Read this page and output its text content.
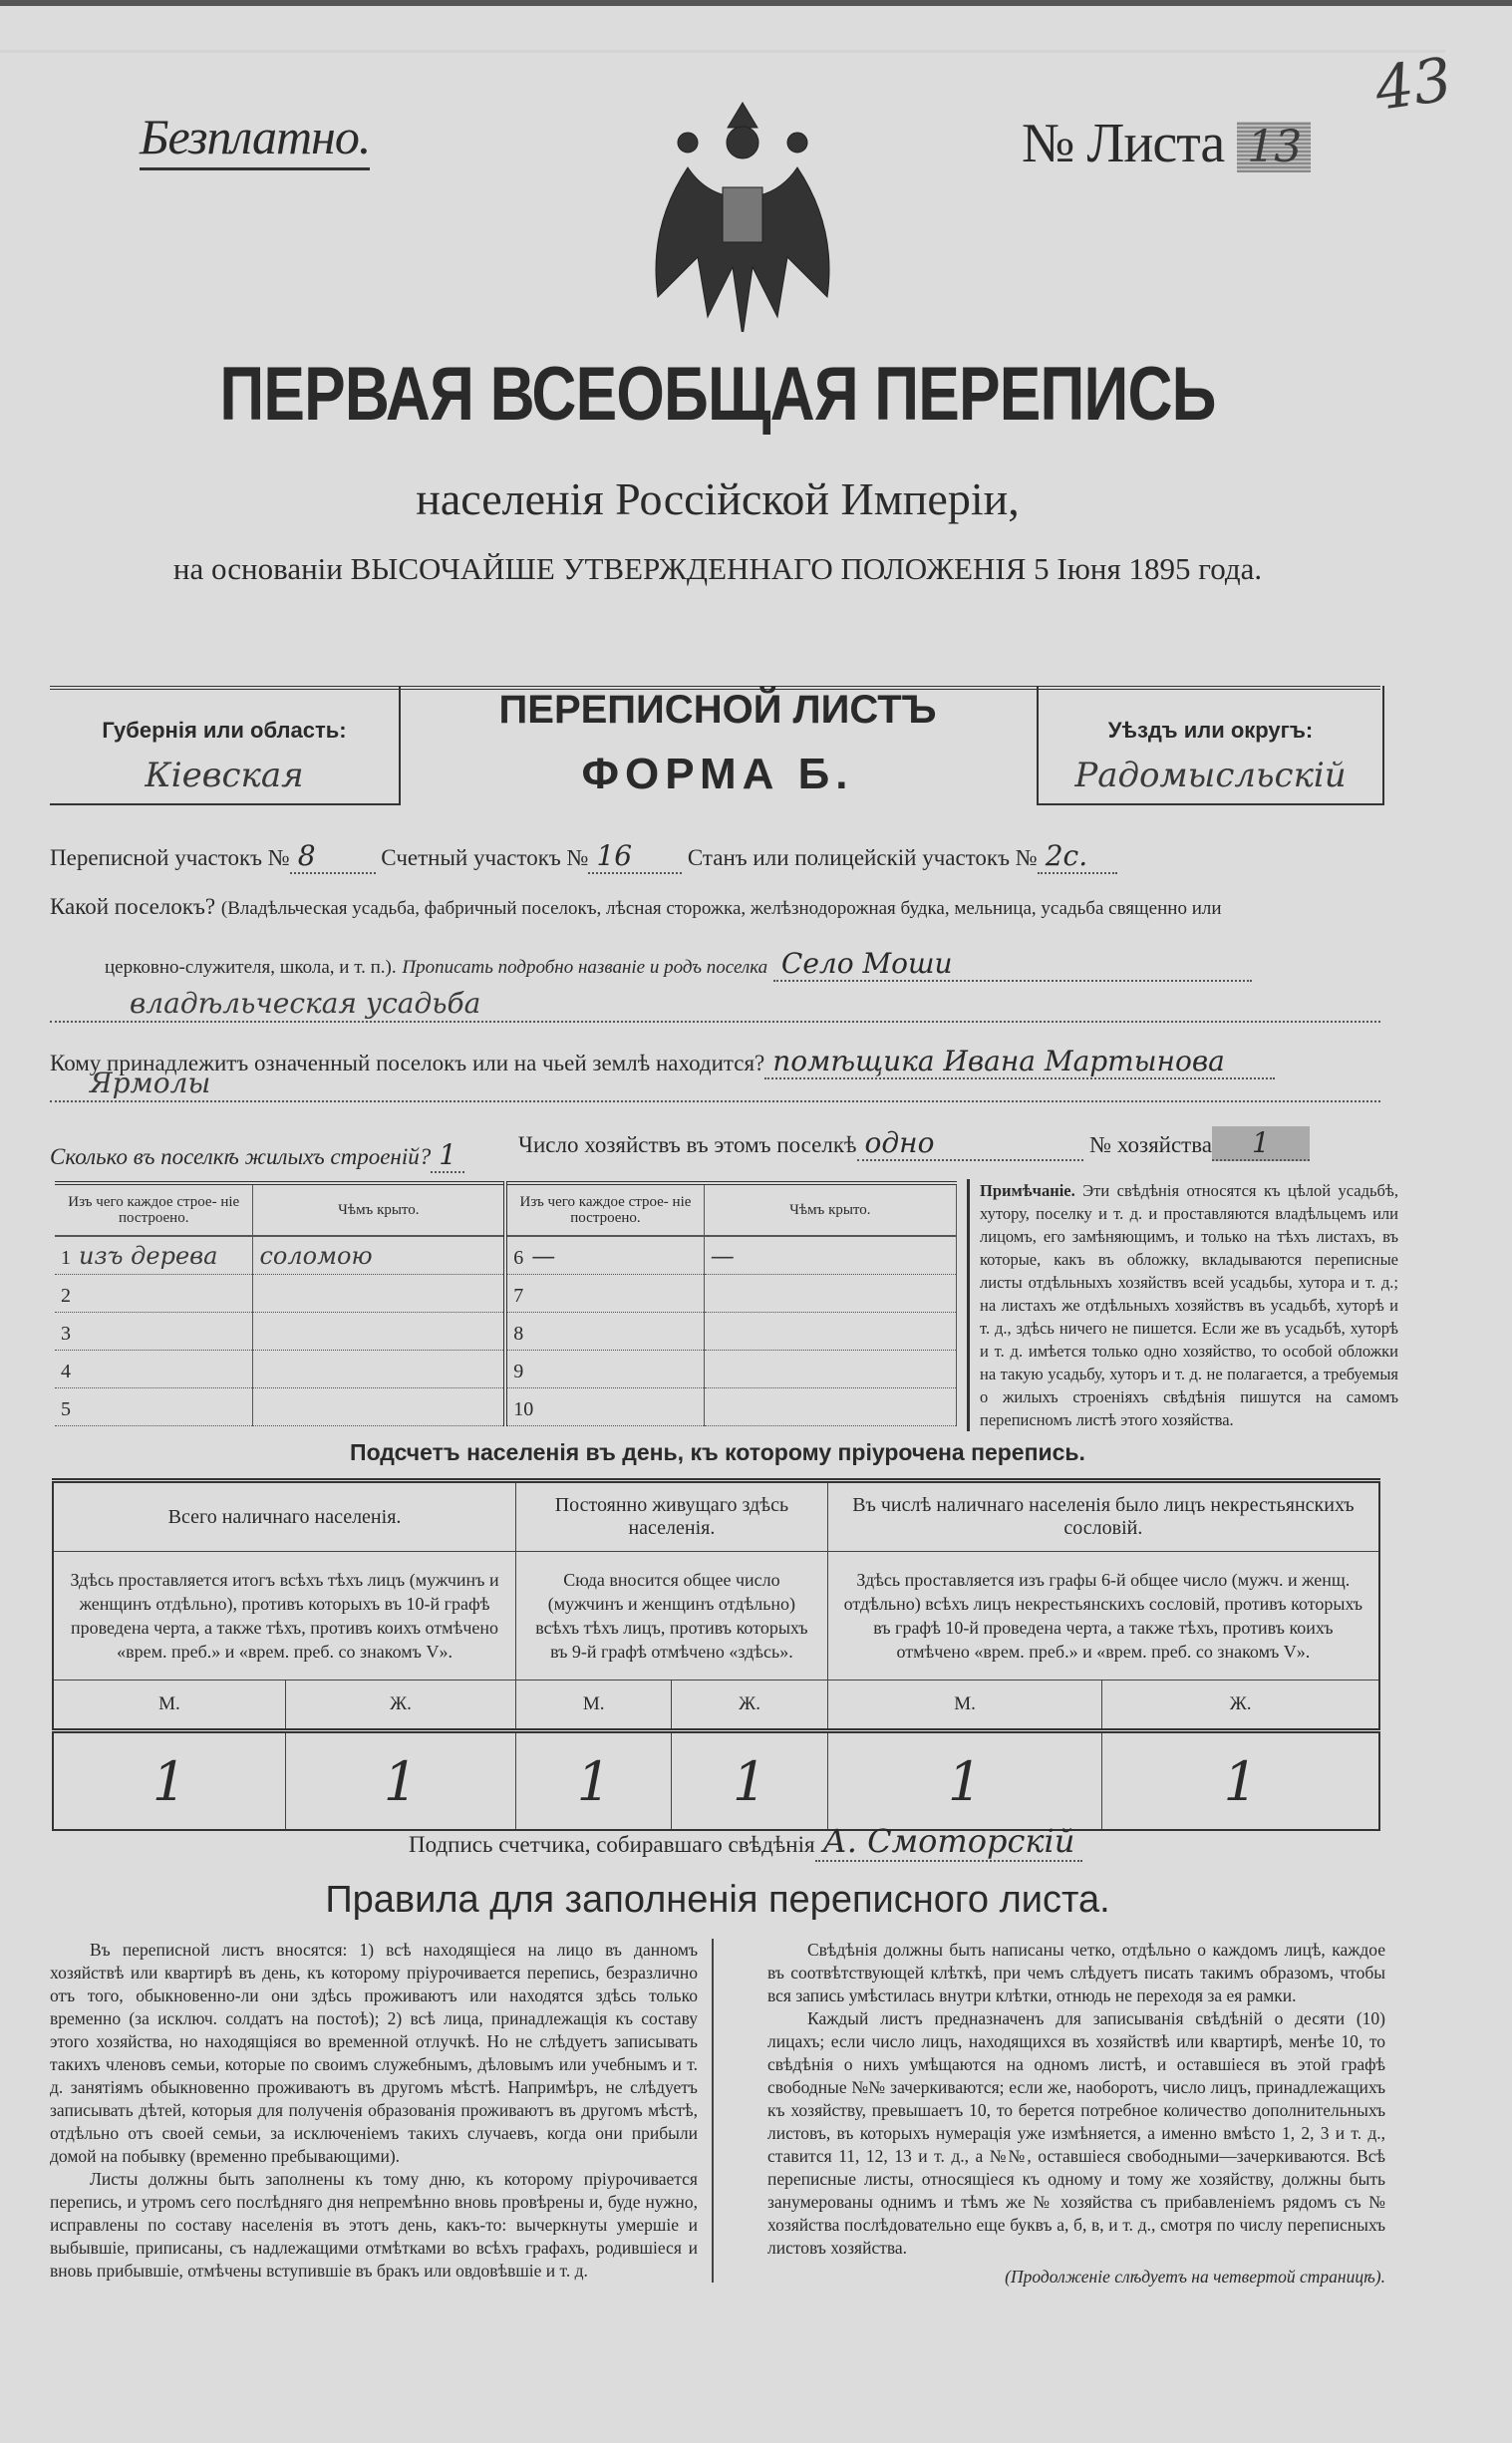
Безплатно.	№ Листа 13
43
ПЕРВАЯ ВСЕОБЩАЯ ПЕРЕПИСЬ
населенія Россійской Имперіи,
на основаніи ВЫСОЧАЙШЕ УТВЕРЖДЕННАГО ПОЛОЖЕНІЯ 5 Іюня 1895 года.
Губернія или область:
Кіевская
ПЕРЕПИСНОЙ ЛИСТЪ
ФОРМА Б.
Уѣздъ или округъ:
Радомысльскій
Переписной участокъ № 8	Счетный участокъ № 16 Станъ или полицейскій участокъ № 2с.
Какой поселокъ? (Владѣльческая усадьба, фабричный поселокъ, лѣсная сторожка, желѣзнодорожная будка, мельница, усадьба священно или
церковно-служителя, школа, и т. п.). Прописать подробно названіе и родъ поселка Село Моши
владѣльческая усадьба
Кому принадлежитъ означенный поселокъ или на чьей землѣ находится? помѣщика Ивана Мартынова
Ярмолы
Число хозяйствъ въ этомъ поселкѣ одно	№ хозяйства 1
Сколько въ поселкѣ жилыхъ строеній? 1
Изъ чего каждое строе- ніе построено.	Чѣмъ крыто.	Изъ чего каждое строе- ніе построено.	Чѣмъ крыто.
1 изъ дерева	соломою	6 —	—
2		7	
3		8	
4		9	
5		10	
Примѣчаніе. Эти свѣдѣнія относятся къ цѣлой усадьбѣ, хутору, поселку и т. д. и проставляются владѣльцемъ или лицомъ, его замѣняющимъ, и только на тѣхъ листахъ, въ которые, какъ въ обложку, вкладываются переписные листы отдѣльныхъ хозяйствъ всей усадьбы, хутора и т. д.; на листахъ же отдѣльныхъ хозяйствъ въ усадьбѣ, хуторѣ и т. д., здѣсь ничего не пишется. Если же въ усадьбѣ, хуторѣ и т. д. имѣется только одно хозяйство, то особой обложки на такую усадьбу, хуторъ и т. д. не полагается, а требуемыя о жилыхъ строеніяхъ свѣдѣнія пишутся на самомъ переписномъ листѣ этого хозяйства.
Подсчетъ населенія въ день, къ которому пріурочена перепись.
Всего наличнаго населенія.		Постоянно живущаго здѣсь населенія.		Въ числѣ наличнаго населенія было лицъ некрестьянскихъ сословій.	
Здѣсь проставляется итогъ всѣхъ тѣхъ лицъ (мужчинъ и женщинъ отдѣльно), противъ которыхъ въ 10-й графѣ проведена черта, а также тѣхъ, противъ коихъ отмѣчено «врем. преб.» и «врем. преб. со знакомъ V».		Сюда вносится общее число (мужчинъ и женщинъ отдѣльно) всѣхъ тѣхъ лицъ, противъ которыхъ въ 9-й графѣ отмѣчено «здѣсь».		Здѣсь проставляется изъ графы 6-й общее число (мужч. и женщ. отдѣльно) всѣхъ лицъ некрестьянскихъ сословій, противъ которыхъ въ графѣ 10-й проведена черта, а также тѣхъ, противъ коихъ отмѣчено «врем. преб.» и «врем. преб. со знакомъ V».	
М.	Ж.	М.	Ж.	М.	Ж.
1	1	1	1	1	1
Подпись счетчика, собиравшаго свѣдѣнія А. Смоторскій
Правила для заполненія переписного листа.

Въ переписной листъ вносятся: 1) всѣ находящіеся на лицо въ данномъ хозяйствѣ или квартирѣ въ день, къ которому пріурочивается перепись, безразлично отъ того, обыкновенно-ли они здѣсь проживаютъ или находятся здѣсь только временно (за исключ. солдатъ на постоѣ); 2) всѣ лица, принадлежащія къ составу этого хозяйства, но находящіяся во временной отлучкѣ. Но не слѣдуетъ записывать такихъ членовъ семьи, которые по своимъ служебнымъ, дѣловымъ или учебнымъ и т. д. занятіямъ обыкновенно проживаютъ въ другомъ мѣстѣ. Напримѣръ, не слѣдуетъ записывать дѣтей, которыя для полученія образованія проживаютъ въ другомъ мѣстѣ, отдѣльно отъ своей семьи, за исключеніемъ такихъ случаевъ, когда они прибыли домой на побывку (временно пребывающими).

Листы должны быть заполнены къ тому дню, къ которому пріурочивается перепись, и утромъ сего послѣдняго дня непремѣнно вновь провѣрены и, буде нужно, исправлены по составу населенія въ этотъ день, какъ-то: вычеркнуты умершіе и выбывшіе, приписаны, съ надлежащими отмѣтками во всѣхъ графахъ, родившіеся и вновь прибывшіе, отмѣчены вступившіе въ бракъ или овдовѣвшіе и т. д.

Свѣдѣнія должны быть написаны четко, отдѣльно о каждомъ лицѣ, каждое въ соотвѣтствующей клѣткѣ, при чемъ слѣдуетъ писать такимъ образомъ, чтобы вся запись умѣстилась внутри клѣтки, отнюдь не переходя за ея рамки.

Каждый листъ предназначенъ для записыванія свѣдѣній о десяти (10) лицахъ; если число лицъ, находящихся въ хозяйствѣ или квартирѣ, менѣе 10, то свѣдѣнія о нихъ умѣщаются на одномъ листѣ, и оставшіеся въ этой графѣ свободные №№ зачеркиваются; если же, наоборотъ, число лицъ, принадлежащихъ къ хозяйству, превышаетъ 10, то берется потребное количество дополнительныхъ листовъ, въ которыхъ нумерація уже измѣняется, а именно вмѣсто 1, 2, 3 и т. д., ставится 11, 12, 13 и т. д., а №№, оставшіеся свободными—зачеркиваются. Всѣ переписные листы, относящіеся къ одному и тому же хозяйству, должны быть занумерованы однимъ и тѣмъ же № хозяйства съ прибавленіемъ рядомъ съ № хозяйства послѣдовательно еще буквъ а, б, в, и т. д., смотря по числу переписныхъ листовъ хозяйства.

(Продолженіе слѣдуетъ на четвертой страницѣ).
